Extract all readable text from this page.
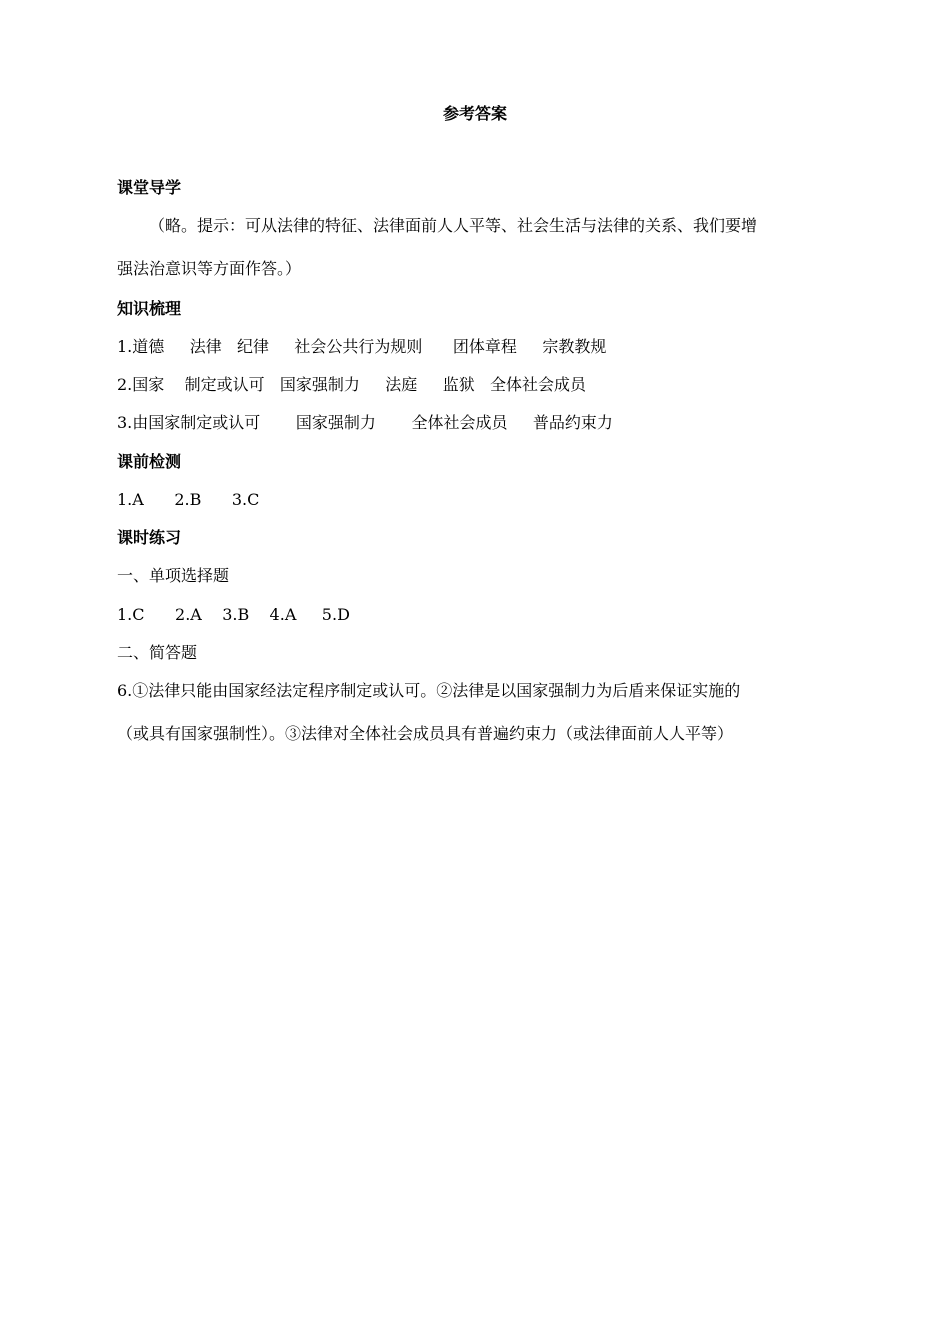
参考答案
课堂导学
（略。提示：可从法律的特征、法律面前人人平等、社会生活与法律的关系、我们要增
强法治意识等方面作答。）
知识梳理
1.道德     法律   纪律     社会公共行为规则      团体章程     宗教教规
2.国家    制定或认可   国家强制力     法庭     监狱   全体社会成员
3.由国家制定或认可       国家强制力       全体社会成员     普品约束力
课前检测
1.A      2.B      3.C
课时练习
一、单项选择题
1.C      2.A    3.B    4.A     5.D
二、简答题
6.①法律只能由国家经法定程序制定或认可。②法律是以国家强制力为后盾来保证实施的
（或具有国家强制性）。③法律对全体社会成员具有普遍约束力（或法律面前人人平等）
